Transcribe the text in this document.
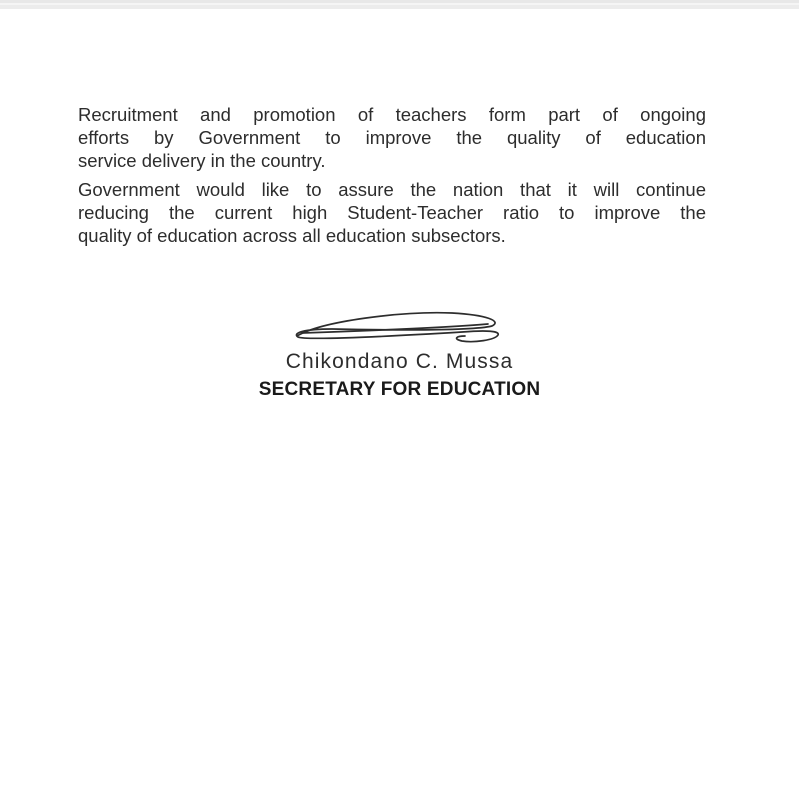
Recruitment and promotion of teachers form part of ongoing
efforts by Government to improve the quality of education
service delivery in the country.

Government would like to assure the nation that it will continue
reducing the current high Student-Teacher ratio to improve the
quality of education across all education subsectors.

Chikondano C. Mussa
SECRETARY FOR EDUCATION
